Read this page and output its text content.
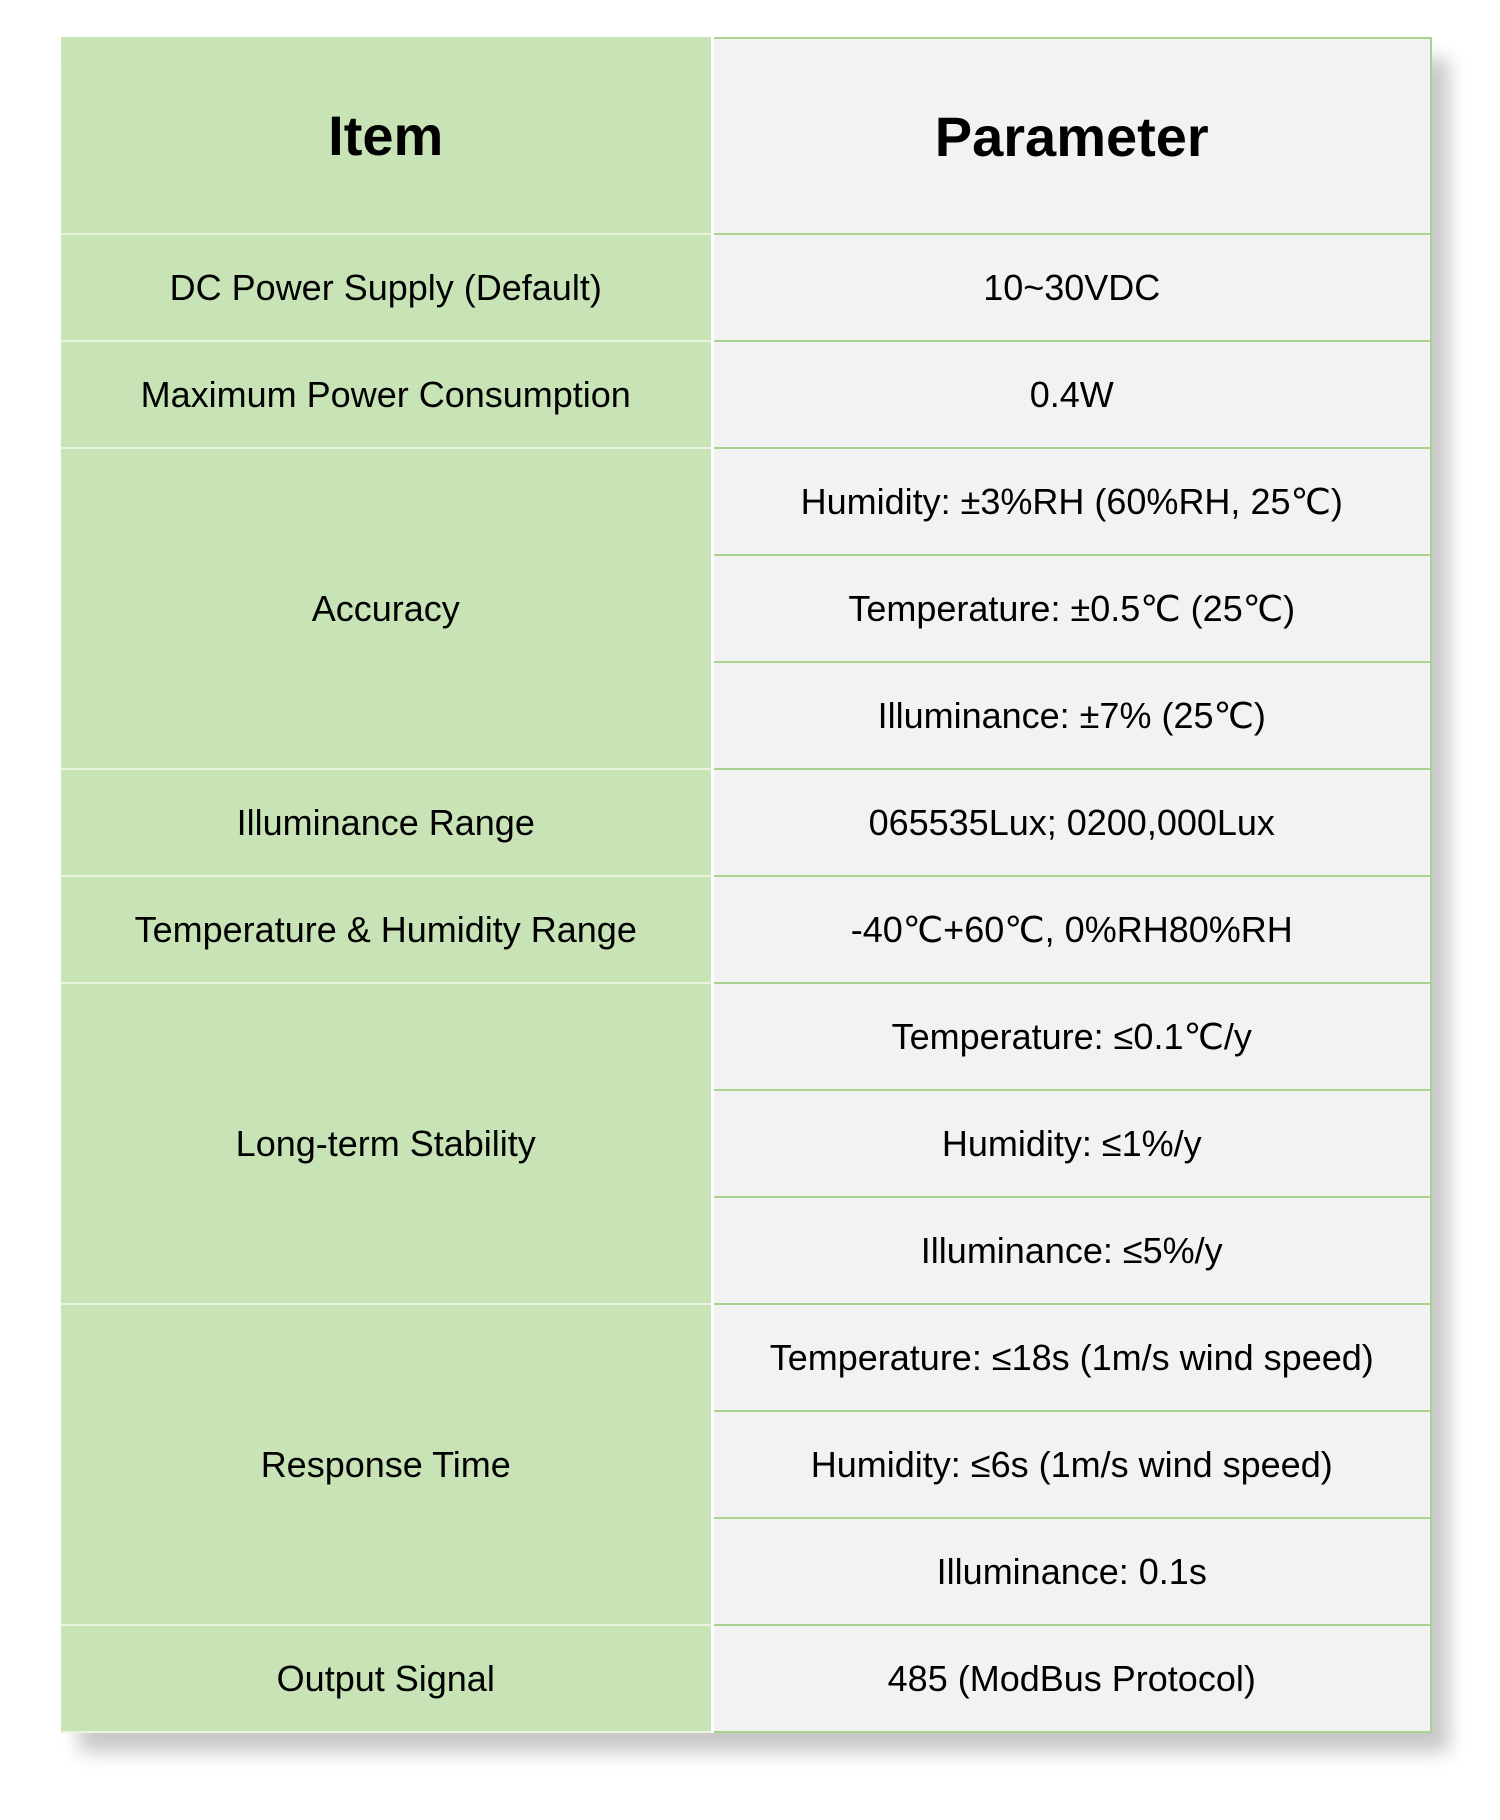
Item	Parameter
DC Power Supply (Default)	10~30VDC
Maximum Power Consumption	0.4W
Accuracy	Humidity: ±3%RH (60%RH, 25℃)
	Temperature: ±0.5℃ (25℃)
	Illuminance: ±7% (25℃)
Illuminance Range	065535Lux; 0200,000Lux
Temperature & Humidity Range	-40℃+60℃, 0%RH80%RH
Long-term Stability	Temperature: ≤0.1℃/y
	Humidity: ≤1%/y
	Illuminance: ≤5%/y
Response Time	Temperature: ≤18s (1m/s wind speed)
	Humidity: ≤6s (1m/s wind speed)
	Illuminance: 0.1s
Output Signal	485 (ModBus Protocol)
